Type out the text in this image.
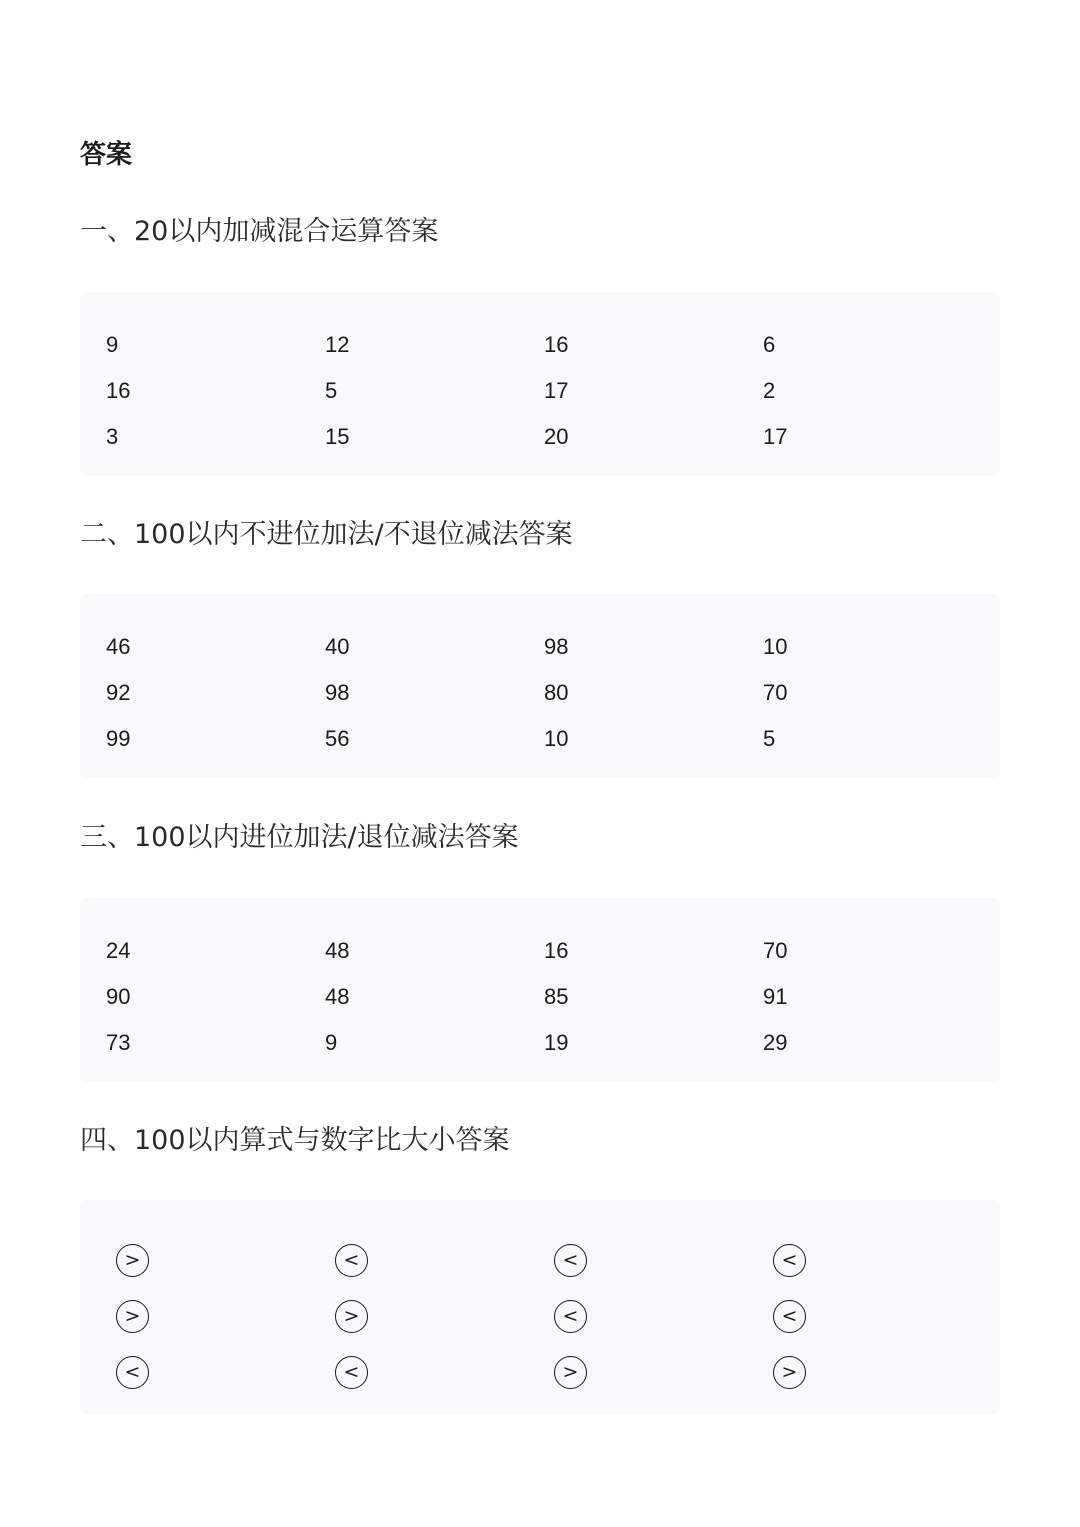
答案
一、20以内加减混合运算答案
9	12	16	6
16	5	17	2
3	15	20	17
二、100以内不进位加法/不退位减法答案
46	40	98	10
92	98	80	70
99	56	10	5
三、100以内进位加法/退位减法答案
24	48	16	70
90	48	85	91
73	9	19	29
四、100以内算式与数字比大小答案
>	<	<	<
>	>	<	<
<	<	>	>
